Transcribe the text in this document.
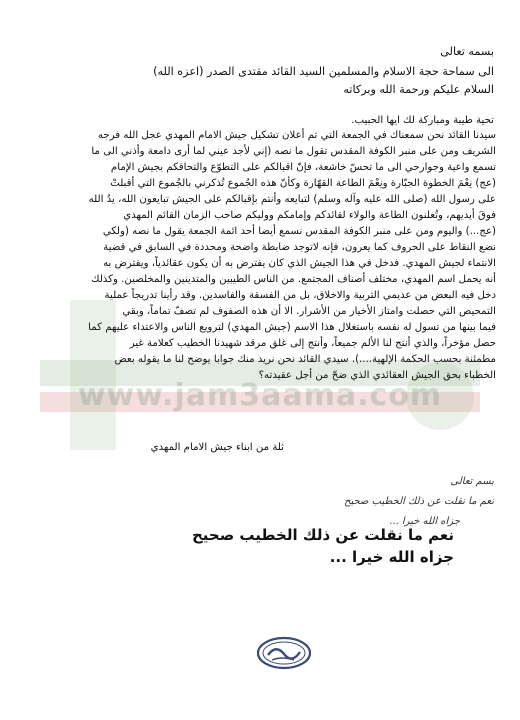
www.jam3aama.com
بسمه تعالى
الى سماحة حجة الاسلام والمسلمين السيد القائد مقتدى الصدر (اعزه الله)
السلام عليكم ورحمة الله وبركاته
تحية طيبة ومباركة لك ايها الحبيب.
سيدنا القائد نحن سمعناك في الجمعة التي تم أعلان تشكيل جيش الامام المهدي عجل الله فرجه
الشريف ومن على منبر الكوفة المقدس تقول ما نصه (إني لأجد عيني لما أرى دامعة وأذني الى ما
تسمع واعية وجوارحي الى ما تحسّ خاشعة، فإنّ اقبالكم على التطوّع والتحاقكم بجيش الإمام
(عج) نِعْمَ الخطوة الجبّارة ونِعْمَ الطاعة القهّارة وكأنّ هذه الجُموع تُذكرني بالجُموع التي أقبلتْ
على رسول الله (صلى الله عليه وآله وسلم) لتبايعه وأنتم بإقبالكم على الجيش تبايعون الله، يدُ الله
فوقَ أيديهم، وتُعلنون الطاعة والولاء لقائدكم وإمامكم ووليكم صاحب الزمان القائم المهدي
(عج...) واليوم ومن على منبر الكوفة المقدس نسمع أيضا أحد ائمة الجمعة يقول ما نصه (ولكي
نضع النقاط على الحروف كما يعرون، فإنه لاتوجد ضابطة واضحة ومحددة في السابق في قضية
الانتماء لجيش المهدي. فدخل في هذا الجيش الذي كان يفترض به أن يكون عقائدياً، ويفترض به
أنه يحمل اسم المهدي، مختلف أصناف المجتمع. من الناس الطيبين والمتدينين والمخلصين. وكذلك
دخل فيه البعض من عديمي التربية والاخلاق، بل من الفسقة والفاسدين. وقد رأينا تدريجاً عملية
التمحيص التي حصلت وامتاز الأخيار من الأشرار. الا أن هذه الصفوف لم تصفّ تماماً، وبقي
فيما بينها من تسول له نفسه باستغلال هذا الاسم (جيش المهدي) لترويع الناس والاعتداء عليهم كما
حصل مؤخراً، والذي أنتج لنا الألم جميعاً، وأنتج إلى غلق مرقد شهيدنا الخطيب كعلامة غير
مطمئنة بحسب الحكمة الإلهية....). سيدي القائد نحن نريد منك جوابا يوضح لنا ما يقوله بعض
الخطباء بحق الجيش العقائدي الذي ضحّ من أجل عقيدته؟
ثلة من ابناء جيش الامام المهدي
بسم تعالى
نعم ما نقلت عن ذلك الخطيب صحيح
جزاه الله خيرا ...
نعم ما نقلت عن ذلك الخطيب صحيح
جزاه الله خيرا ...
